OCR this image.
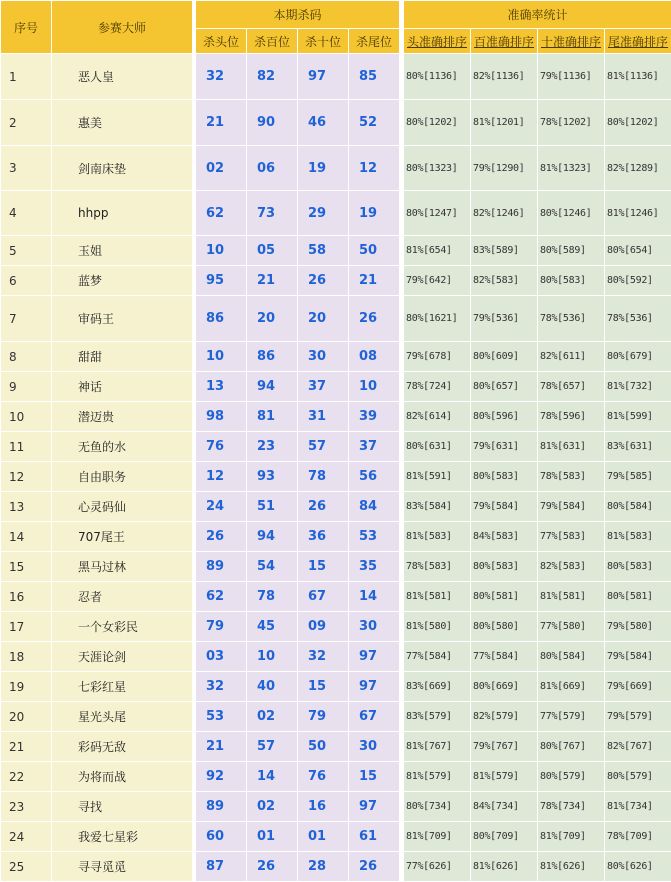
序号	参赛大师		本期杀码					准确率统计			
			杀头位	杀百位	杀十位	杀尾位		头准确排序	百准确排序	十准确排序	尾准确排序
1	恶人皇		32	82	97	85		80%[1136]	82%[1136]	79%[1136]	81%[1136]
2	惠美		21	90	46	52		80%[1202]	81%[1201]	78%[1202]	80%[1202]
3	剑南床垫		02	06	19	12		80%[1323]	79%[1290]	81%[1323]	82%[1289]
4	hhpp		62	73	29	19		80%[1247]	82%[1246]	80%[1246]	81%[1246]
5	玉姐		10	05	58	50		81%[654]	83%[589]	80%[589]	80%[654]
6	蓝梦		95	21	26	21		79%[642]	82%[583]	80%[583]	80%[592]
7	审码王		86	20	20	26		80%[1621]	79%[536]	78%[536]	78%[536]
8	甜甜		10	86	30	08		79%[678]	80%[609]	82%[611]	80%[679]
9	神话		13	94	37	10		78%[724]	80%[657]	78%[657]	81%[732]
10	潜迈贵		98	81	31	39		82%[614]	80%[596]	78%[596]	81%[599]
11	无鱼的水		76	23	57	37		80%[631]	79%[631]	81%[631]	83%[631]
12	自由职务		12	93	78	56		81%[591]	80%[583]	78%[583]	79%[585]
13	心灵码仙		24	51	26	84		83%[584]	79%[584]	79%[584]	80%[584]
14	707尾王		26	94	36	53		81%[583]	84%[583]	77%[583]	81%[583]
15	黑马过林		89	54	15	35		78%[583]	80%[583]	82%[583]	80%[583]
16	忍者		62	78	67	14		81%[581]	80%[581]	81%[581]	80%[581]
17	一个女彩民		79	45	09	30		81%[580]	80%[580]	77%[580]	79%[580]
18	天涯论剑		03	10	32	97		77%[584]	77%[584]	80%[584]	79%[584]
19	七彩红星		32	40	15	97		83%[669]	80%[669]	81%[669]	79%[669]
20	星光头尾		53	02	79	67		83%[579]	82%[579]	77%[579]	79%[579]
21	彩码无敌		21	57	50	30		81%[767]	79%[767]	80%[767]	82%[767]
22	为将而战		92	14	76	15		81%[579]	81%[579]	80%[579]	80%[579]
23	寻找		89	02	16	97		80%[734]	84%[734]	78%[734]	81%[734]
24	我爱七星彩		60	01	01	61		81%[709]	80%[709]	81%[709]	78%[709]
25	寻寻觅觅		87	26	28	26		77%[626]	81%[626]	81%[626]	80%[626]
